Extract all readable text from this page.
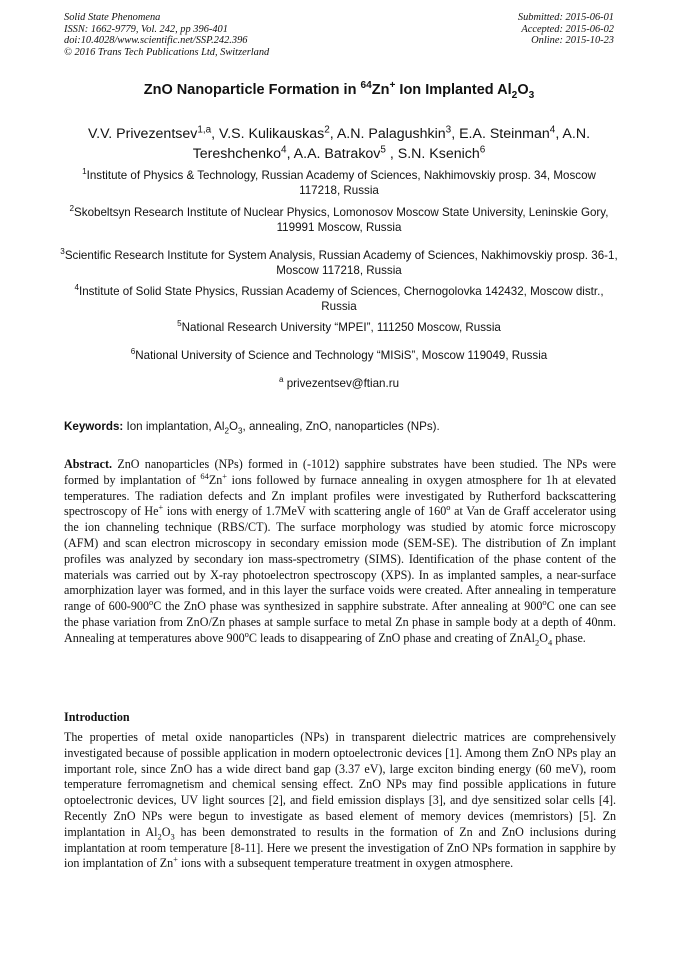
Solid State Phenomena
ISSN: 1662-9779, Vol. 242, pp 396-401
doi:10.4028/www.scientific.net/SSP.242.396
© 2016 Trans Tech Publications Ltd, Switzerland
Submitted: 2015-06-01
Accepted: 2015-06-02
Online: 2015-10-23
ZnO Nanoparticle Formation in $^{64}$Zn+ Ion Implanted $Al_2O_3$
V.V. Privezentsev$^{1,a}$, V.S. Kulikauskas$^2$, A.N. Palagushkin$^3$, E.A. Steinman$^4$, A.N. Tereshchenko$^4$, A.A. Batrakov$^5$ , S.N. Ksenich$^6$
$^1$Institute of Physics & Technology, Russian Academy of Sciences, Nakhimovskiy prosp. 34, Moscow 117218, Russia
$^2$Skobeltsyn Research Institute of Nuclear Physics, Lomonosov Moscow State University, Leninskie Gory, 119991 Moscow, Russia
$^3$Scientific Research Institute for System Analysis, Russian Academy of Sciences, Nakhimovskiy prosp. 36-1, Moscow 117218, Russia
$^4$Institute of Solid State Physics, Russian Academy of Sciences, Chernogolovka 142432, Moscow distr., Russia
$^5$National Research University “MPEI”, 111250 Moscow, Russia
$^6$National University of Science and Technology “MISiS”, Moscow 119049, Russia
$^a$ privezentsev@ftian.ru
Keywords: Ion implantation, $Al_2O_3$, annealing, ZnO, nanoparticles (NPs).
Abstract. ZnO nanoparticles (NPs) formed in (-1012) sapphire substrates have been studied. The NPs were formed by implantation of $^{64}$Zn+ ions followed by furnace annealing in oxygen atmosphere for 1h at elevated temperatures. The radiation defects and Zn implant profiles were investigated by Rutherford backscattering spectroscopy of He+ ions with energy of 1.7MeV with scattering angle of 160$^o$ at Van de Graff accelerator using the ion channeling technique (RBS/CT). The surface morphology was studied by atomic force microscopy (AFM) and scan electron microscopy in secondary emission mode (SEM-SE). The distribution of Zn implant profiles was analyzed by secondary ion mass-spectrometry (SIMS). Identification of the phase content of the materials was carried out by X-ray photoelectron spectroscopy (XPS). In as implanted samples, a near-surface amorphization layer was formed, and in this layer the surface voids were created. After annealing in temperature range of 600-900$^o$C the ZnO phase was synthesized in sapphire substrate. After annealing at 900$^o$C one can see the phase variation from ZnO/Zn phases at sample surface to metal Zn phase in sample body at a depth of 40nm. Annealing at temperatures above 900$^o$C leads to disappearing of ZnO phase and creating of $ZnAl_2O_4$ phase.
Introduction
The properties of metal oxide nanoparticles (NPs) in transparent dielectric matrices are comprehensively investigated because of possible application in modern optoelectronic devices [1]. Among them ZnO NPs play an important role, since ZnO has a wide direct band gap (3.37 eV), large exciton binding energy (60 meV), room temperature ferromagnetism and chemical sensing effect. ZnO NPs may find possible applications in future optoelectronic devices, UV light sources [2], and field emission displays [3], and dye sensitized solar cells [4]. Recently ZnO NPs were begun to investigate as based element of memory devices (memristors) [5]. Zn implantation in $Al_2O_3$ has been demonstrated to results in the formation of Zn and ZnO inclusions during implantation at room temperature [8-11]. Here we present the investigation of ZnO NPs formation in sapphire by ion implantation of Zn+ ions with a subsequent temperature treatment in oxygen atmosphere.
